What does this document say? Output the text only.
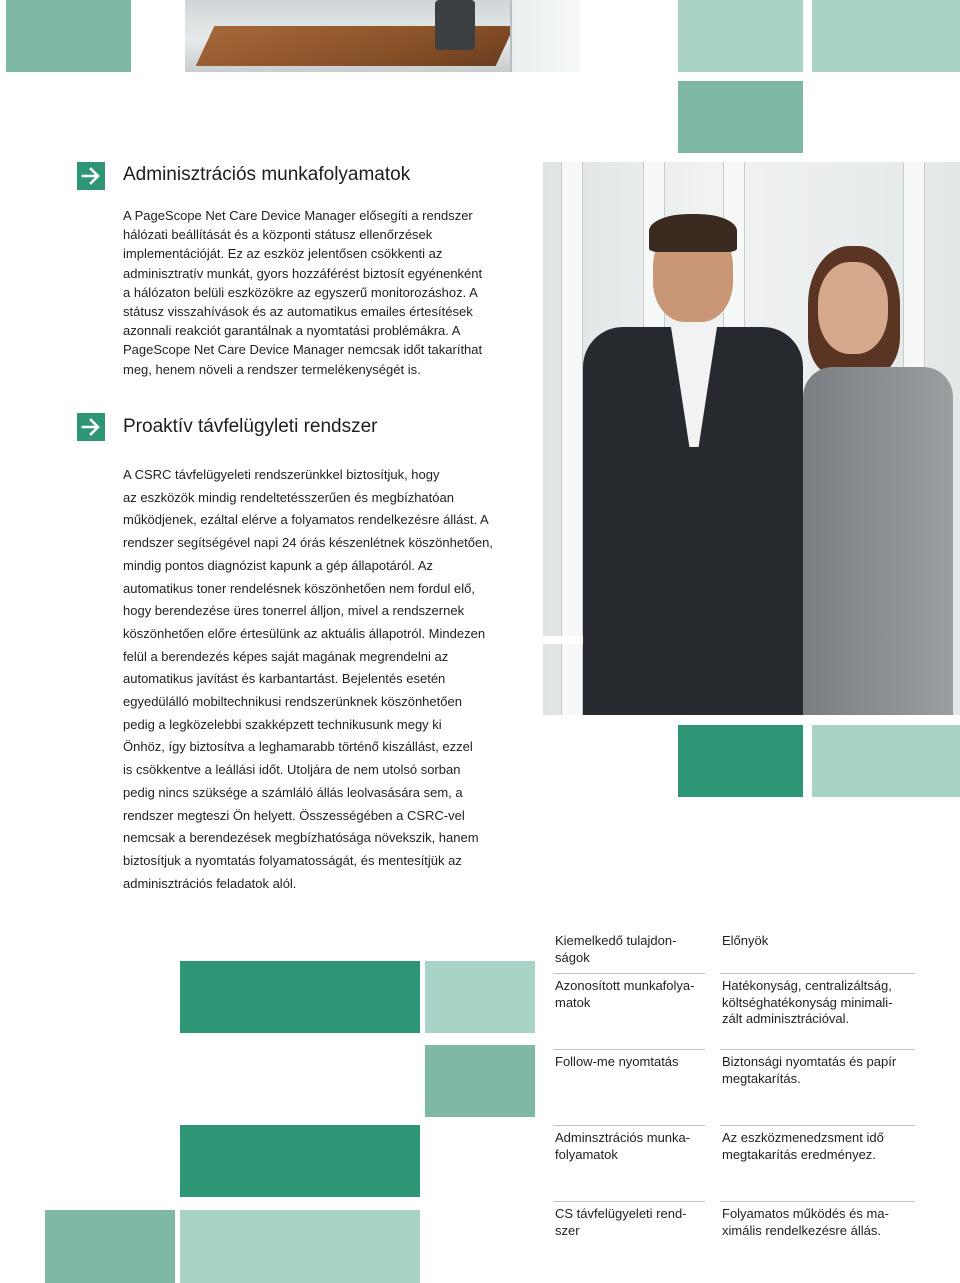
Adminisztrációs munkafolyamatok
A PageScope Net Care Device Manager elősegíti a rendszer
hálózati beállítását és a központi státusz ellenőrzések
implementációját. Ez az eszköz jelentősen csökkenti az
adminisztratív munkát, gyors hozzáférést biztosít egyénenként
a hálózaton belüli eszközökre az egyszerű monitorozáshoz. A
státusz visszahívások és az automatikus emailes értesítések
azonnali reakciót garantálnak a nyomtatási problémákra. A
PageScope Net Care Device Manager nemcsak időt takaríthat
meg, henem növeli a rendszer termelékenységét is.
Proaktív távfelügyleti rendszer
A CSRC távfelügyeleti rendszerünkkel biztosítjuk, hogy
az eszközök mindig rendeltetésszerűen és megbízhatóan
működjenek, ezáltal elérve a folyamatos rendelkezésre állást. A
rendszer segítségével napi 24 órás készenlétnek köszönhetően,
mindig pontos diagnózist kapunk a gép állapotáról. Az
automatikus toner rendelésnek köszönhetően nem fordul elő,
hogy berendezése üres tonerrel álljon, mivel a rendszernek
köszönhetően előre értesülünk az aktuális állapotról. Mindezen
felül a berendezés képes saját magának megrendelni az
automatikus javítást és karbantartást. Bejelentés esetén
egyedülálló mobiltechnikusi rendszerünknek köszönhetően
pedig a legközelebbi szakképzett technikusunk megy ki
Önhöz, így biztosítva a leghamarabb történő kiszállást, ezzel
is csökkentve a leállási időt. Utoljára de nem utolsó sorban
pedig nincs szüksége a számláló állás leolvasására sem, a
rendszer megteszi Ön helyett. Összességében a CSRC-vel
nemcsak a berendezések megbízhatósága növekszik, hanem
biztosítjuk a nyomtatás folyamatosságát, és mentesítjük az
adminisztrációs feladatok alól.
Kiemelkedő tulajdon-
ságok
Előnyök
Azonosított munkafolya-
matok
Hatékonyság, centralizáltság,
költséghatékonyság minimali-
zált adminisztrációval.
Follow-me nyomtatás	Biztonsági nyomtatás és papír
megtakarítás.
Adminsztrációs munka-
folyamatok
Az eszközmenedzsment idő
megtakarítás eredményez.
CS távfelügyeleti rend-
szer
Folyamatos működés és ma-
ximális rendelkezésre állás.
